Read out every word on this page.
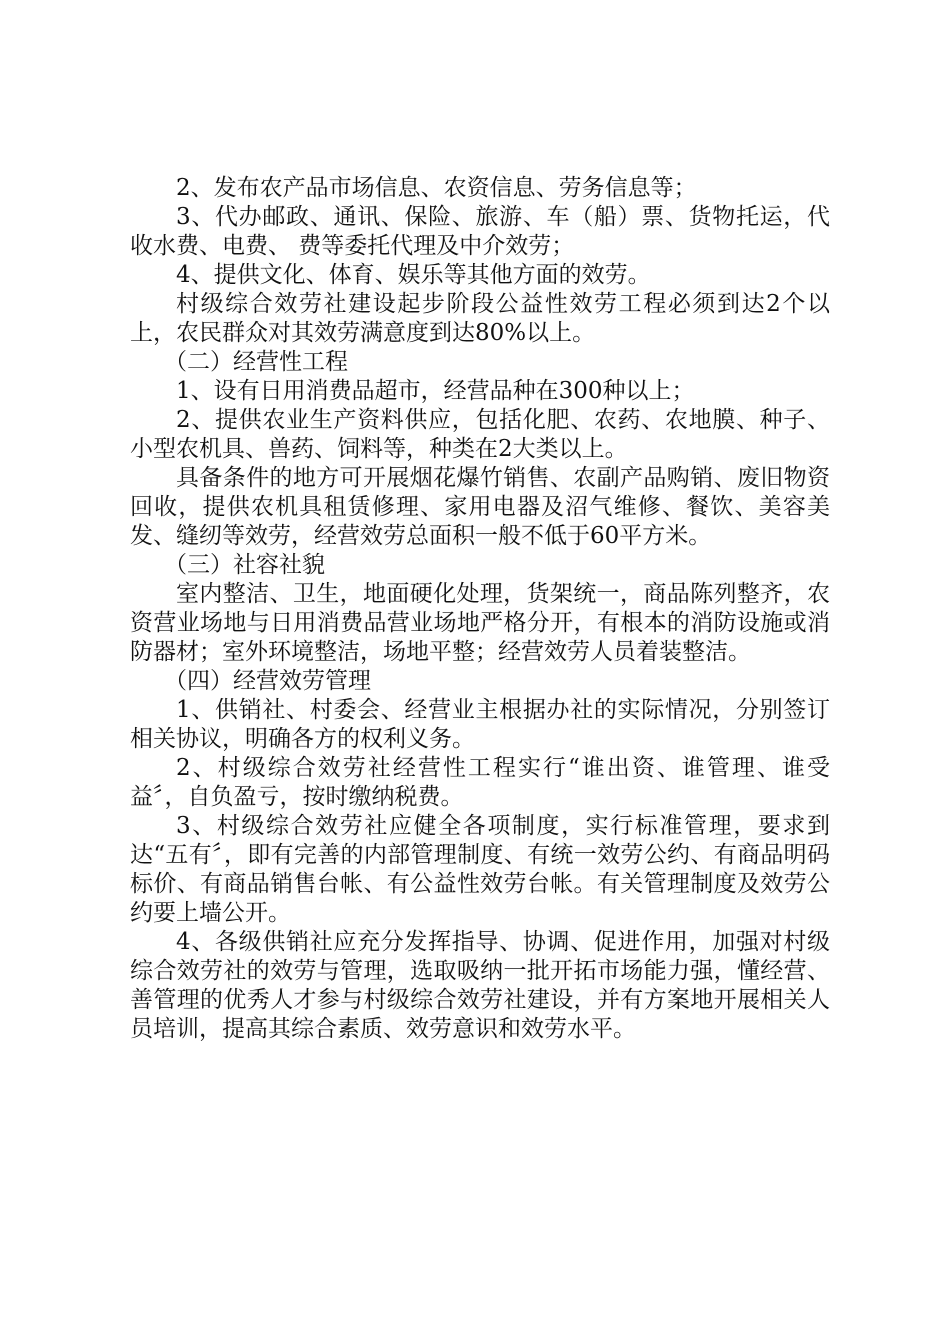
2、发布农产品市场信息、农资信息、劳务信息等；

3、代办邮政、通讯、保险、旅游、车（船）票、货物托运，代收水费、电费、 费等委托代理及中介效劳；

4、提供文化、体育、娱乐等其他方面的效劳。

村级综合效劳社建设起步阶段公益性效劳工程必须到达2个以上，农民群众对其效劳满意度到达80%以上。

（二）经营性工程

1、设有日用消费品超市，经营品种在300种以上；

2、提供农业生产资料供应，包括化肥、农药、农地膜、种子、小型农机具、兽药、饲料等，种类在2大类以上。

具备条件的地方可开展烟花爆竹销售、农副产品购销、废旧物资回收，提供农机具租赁修理、家用电器及沼气维修、餐饮、美容美发、缝纫等效劳，经营效劳总面积一般不低于60平方米。

（三）社容社貌

室内整洁、卫生，地面硬化处理，货架统一，商品陈列整齐，农资营业场地与日用消费品营业场地严格分开，有根本的消防设施或消防器材；室外环境整洁，场地平整；经营效劳人员着装整洁。

（四）经营效劳管理

1、供销社、村委会、经营业主根据办社的实际情况，分别签订相关协议，明确各方的权利义务。

2、村级综合效劳社经营性工程实行“谁出资、谁管理、谁受益〞，自负盈亏，按时缴纳税费。

3、村级综合效劳社应健全各项制度，实行标准管理，要求到达“五有〞，即有完善的内部管理制度、有统一效劳公约、有商品明码标价、有商品销售台帐、有公益性效劳台帐。有关管理制度及效劳公约要上墙公开。

4、各级供销社应充分发挥指导、协调、促进作用，加强对村级综合效劳社的效劳与管理，选取吸纳一批开拓市场能力强，懂经营、善管理的优秀人才参与村级综合效劳社建设，并有方案地开展相关人员培训，提高其综合素质、效劳意识和效劳水平。
